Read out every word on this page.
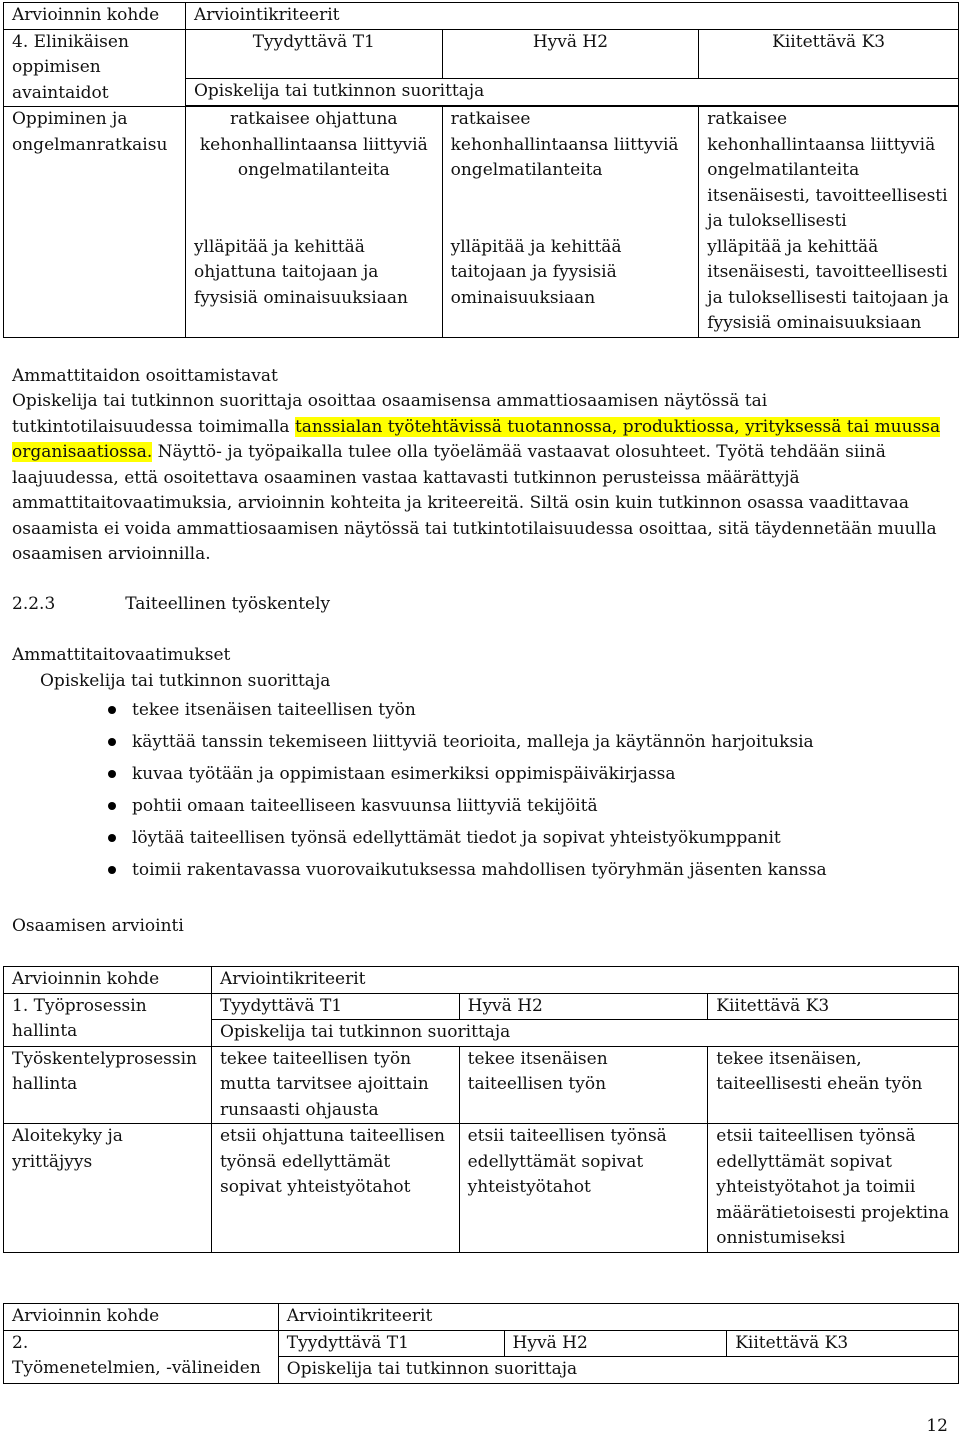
Arvioinnin kohde	Arviointikriteerit		

4. Elinikäisen
oppimisen
avaintaidot	Tyydyttävä T1	Hyvä H2	Kiitettävä K3
	Opiskelija tai tutkinnon suorittaja		

Oppiminen ja ongelmanratkaisu	ratkaisee ohjattuna kehonhallintaansa liittyviä ongelmatilanteita	ratkaisee kehonhallintaansa liittyviä ongelmatilanteita	ratkaisee kehonhallintaansa liittyviä ongelmatilanteita itsenäisesti, tavoitteellisesti ja tuloksellisesti
	ylläpitää ja kehittää ohjattuna taitojaan ja fyysisiä ominaisuuksiaan	ylläpitää ja kehittää taitojaan ja fyysisiä ominaisuuksiaan	ylläpitää ja kehittää itsenäisesti, tavoitteellisesti ja tuloksellisesti taitojaan ja fyysisiä ominaisuuksiaan

Ammattitaidon osoittamistavat

Opiskelija tai tutkinnon suorittaja osoittaa osaamisensa ammattiosaamisen näytössä tai tutkintotilaisuudessa toimimalla tanssialan työtehtävissä tuotannossa, produktiossa, yrityksessä tai muussa organisaatiossa. Näyttö- ja työpaikalla tulee olla työelämää vastaavat olosuhteet. Työtä tehdään siinä laajuudessa, että osoitettava osaaminen vastaa kattavasti tutkinnon perusteissa määrättyjä ammattitaitovaatimuksia, arvioinnin kohteita ja kriteereitä. Siltä osin kuin tutkinnon osassa vaadittavaa osaamista ei voida ammattiosaamisen näytössä tai tutkintotilaisuudessa osoittaa, sitä täydennetään muulla osaamisen arvioinnilla.

2.2.3	Taiteellinen työskentely

Ammattitaitovaatimukset

Opiskelija tai tutkinnon suorittaja

tekee itsenäisen taiteellisen työn
käyttää tanssin tekemiseen liittyviä teorioita, malleja ja käytännön harjoituksia
kuvaa työtään ja oppimistaan esimerkiksi oppimispäiväkirjassa
pohtii omaan taiteelliseen kasvuunsa liittyviä tekijöitä
löytää taiteellisen työnsä edellyttämät tiedot ja sopivat yhteistyökumppanit
toimii rakentavassa vuorovaikutuksessa mahdollisen työryhmän jäsenten kanssa

Osaamisen arviointi

Arvioinnin kohde	Arviointikriteerit		

1. Työprosessin
hallinta	Tyydyttävä T1	Hyvä H2	Kiitettävä K3
	Opiskelija tai tutkinnon suorittaja		
Työskentelyprosessin hallinta	tekee taiteellisen työn mutta tarvitsee ajoittain runsaasti ohjausta	tekee itsenäisen taiteellisen työn	tekee itsenäisen, taiteellisesti eheän työn
Aloitekyky ja yrittäjyys	etsii ohjattuna taiteellisen työnsä edellyttämät sopivat yhteistyötahot	etsii taiteellisen työnsä edellyttämät sopivat yhteistyötahot	etsii taiteellisen työnsä edellyttämät sopivat yhteistyötahot ja toimii määrätietoisesti projektina onnistumiseksi
Arvioinnin kohde	Arviointikriteerit		

2.
Työmenetelmien, -välineiden	Tyydyttävä T1	Hyvä H2	Kiitettävä K3
	Opiskelija tai tutkinnon suorittaja		
12
